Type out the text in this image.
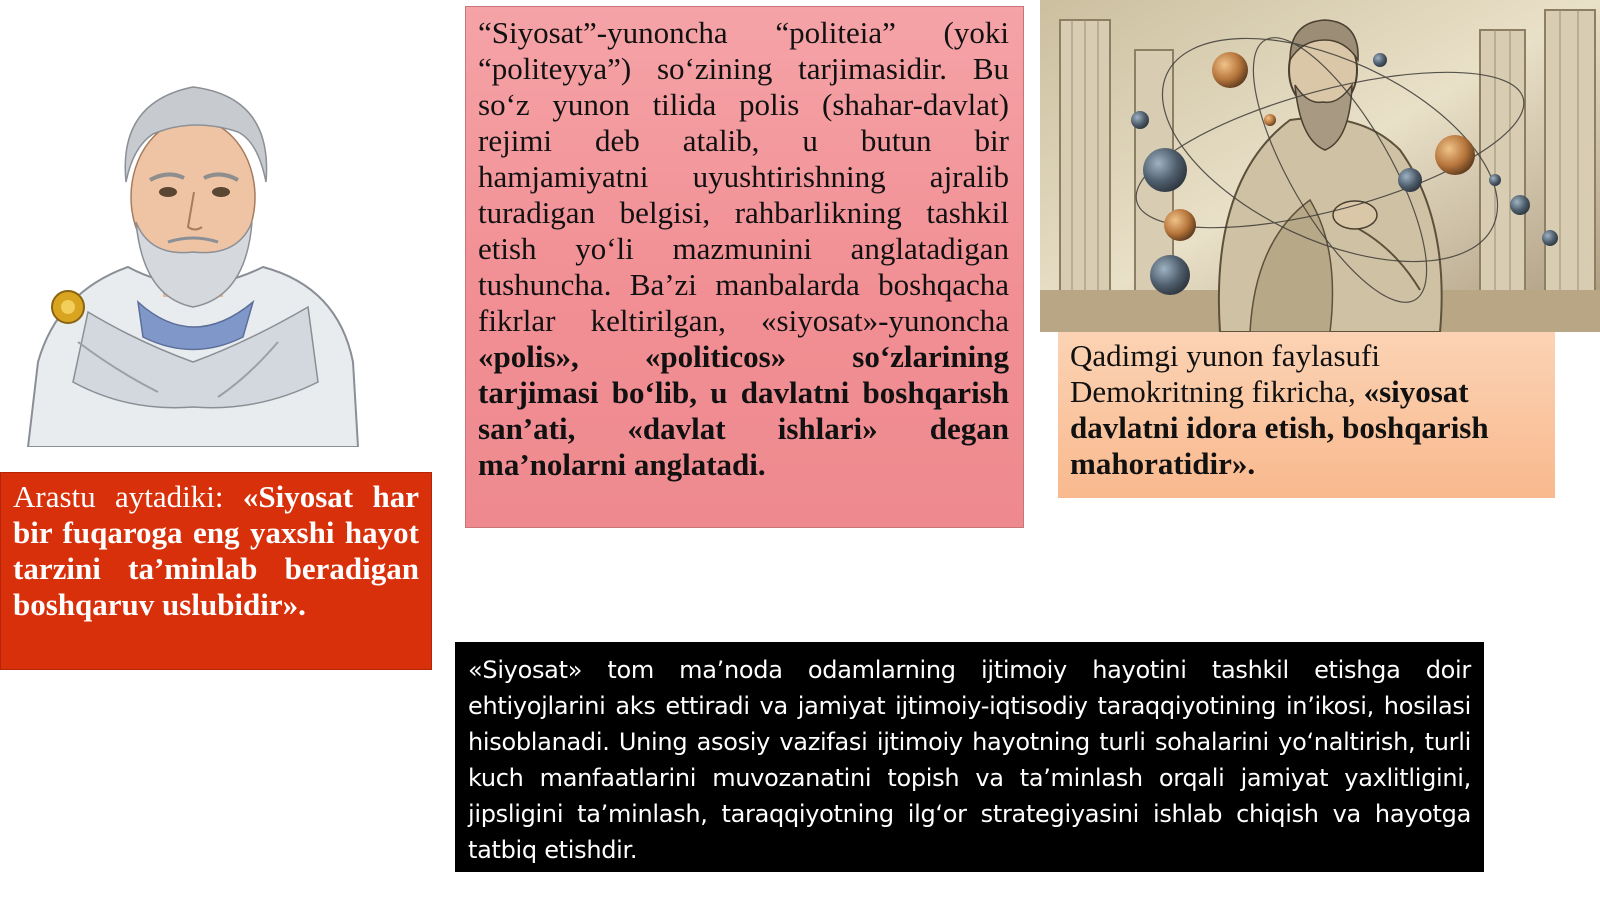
Arastu aytadiki: «Siyosat har bir fuqaroga eng yaxshi hayot tarzini ta’minlab beradigan boshqaruv uslubidir».
“Siyosat”-yunoncha “politeia” (yoki “politeyya”) so‘zining tarjimasidir. Bu so‘z yunon tilida polis (shahar-davlat) rejimi deb atalib, u butun bir hamjamiyatni uyushtirishning ajralib turadigan belgisi, rahbarlikning tashkil etish yo‘li mazmunini anglatadigan tushuncha. Ba’zi manbalarda boshqacha fikrlar keltirilgan, «siyosat»-yunoncha «polis», «politicos» so‘zlarining tarjimasi bo‘lib, u davlatni boshqarish san’ati, «davlat ishlari» degan ma’nolarni anglatadi.
Qadimgi yunon faylasufi Demokritning fikricha, «siyosat davlatni idora etish, boshqarish mahoratidir».
«Siyosat» tom ma’noda odamlarning ijtimoiy hayotini tashkil etishga doir ehtiyojlarini aks ettiradi va jamiyat ijtimoiy-iqtisodiy taraqqiyotining in’ikosi, hosilasi hisoblanadi. Uning asosiy vazifasi ijtimoiy hayotning turli sohalarini yo‘naltirish, turli kuch manfaatlarini muvozanatini topish va ta’minlash orqali jamiyat yaxlitligini, jipsligini ta’minlash, taraqqiyotning ilg‘or strategiyasini ishlab chiqish va hayotga tatbiq etishdir.
